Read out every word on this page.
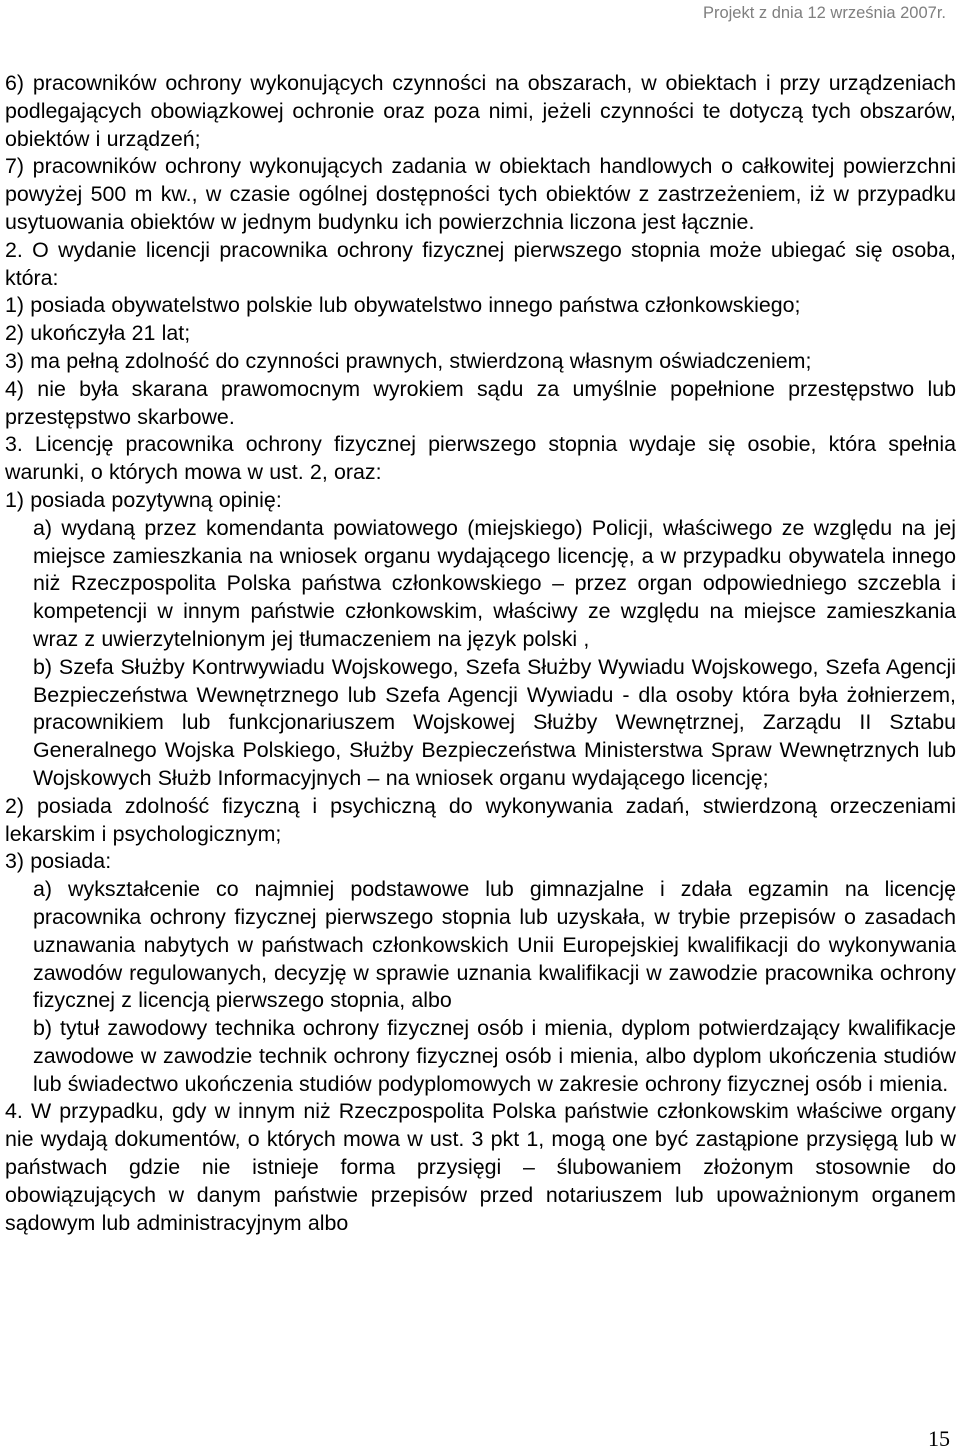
Projekt z dnia 12 września 2007r.

6) pracowników ochrony wykonujących czynności na obszarach, w obiektach i przy urządzeniach podlegających obowiązkowej ochronie oraz poza nimi, jeżeli czynności te dotyczą tych obszarów, obiektów i urządzeń;

7) pracowników ochrony wykonujących zadania w obiektach handlowych o całkowitej powierzchni powyżej 500 m kw., w czasie ogólnej dostępności tych obiektów z zastrzeżeniem, iż w przypadku usytuowania obiektów w jednym budynku ich powierzchnia liczona jest łącznie.

2. O wydanie licencji pracownika ochrony fizycznej pierwszego stopnia może ubiegać się osoba, która:

1) posiada obywatelstwo polskie lub obywatelstwo innego państwa członkowskiego;

2) ukończyła 21 lat;

3) ma pełną zdolność do czynności prawnych, stwierdzoną własnym oświadczeniem;

4) nie była skarana prawomocnym wyrokiem sądu za umyślnie popełnione przestępstwo lub przestępstwo skarbowe.

3. Licencję pracownika ochrony fizycznej pierwszego stopnia wydaje się osobie, która spełnia warunki, o których mowa w ust. 2, oraz:

1) posiada pozytywną opinię:

a) wydaną przez komendanta powiatowego (miejskiego) Policji, właściwego ze względu na jej miejsce zamieszkania na wniosek organu wydającego licencję, a w przypadku obywatela innego niż Rzeczpospolita Polska państwa członkowskiego – przez organ odpowiedniego szczebla i kompetencji w innym państwie członkowskim, właściwy ze względu na miejsce zamieszkania wraz z uwierzytelnionym jej tłumaczeniem na język polski ,

b) Szefa Służby Kontrwywiadu Wojskowego, Szefa Służby Wywiadu Wojskowego, Szefa Agencji Bezpieczeństwa Wewnętrznego lub Szefa Agencji Wywiadu - dla osoby która była żołnierzem, pracownikiem lub funkcjonariuszem Wojskowej Służby Wewnętrznej, Zarządu II Sztabu Generalnego Wojska Polskiego, Służby Bezpieczeństwa Ministerstwa Spraw Wewnętrznych lub Wojskowych Służb Informacyjnych – na wniosek organu wydającego licencję;

2) posiada zdolność fizyczną i psychiczną do wykonywania zadań, stwierdzoną orzeczeniami lekarskim i psychologicznym;

3) posiada:

a) wykształcenie co najmniej podstawowe lub gimnazjalne i zdała egzamin na licencję pracownika ochrony fizycznej pierwszego stopnia lub uzyskała, w trybie przepisów o zasadach uznawania nabytych w państwach członkowskich Unii Europejskiej kwalifikacji do wykonywania zawodów regulowanych, decyzję w sprawie uznania kwalifikacji w zawodzie pracownika ochrony fizycznej z licencją pierwszego stopnia, albo

b) tytuł zawodowy technika ochrony fizycznej osób i mienia, dyplom potwierdzający kwalifikacje zawodowe w zawodzie technik ochrony fizycznej osób i mienia, albo dyplom ukończenia studiów lub świadectwo ukończenia studiów podyplomowych w zakresie ochrony fizycznej osób i mienia.

4. W przypadku, gdy w innym niż Rzeczpospolita Polska państwie członkowskim właściwe organy nie wydają dokumentów, o których mowa w ust. 3 pkt 1, mogą one być zastąpione przysięgą lub w państwach gdzie nie istnieje forma przysięgi – ślubowaniem złożonym stosownie do obowiązujących w danym państwie przepisów przed notariuszem lub upoważnionym organem sądowym lub administracyjnym albo

15
